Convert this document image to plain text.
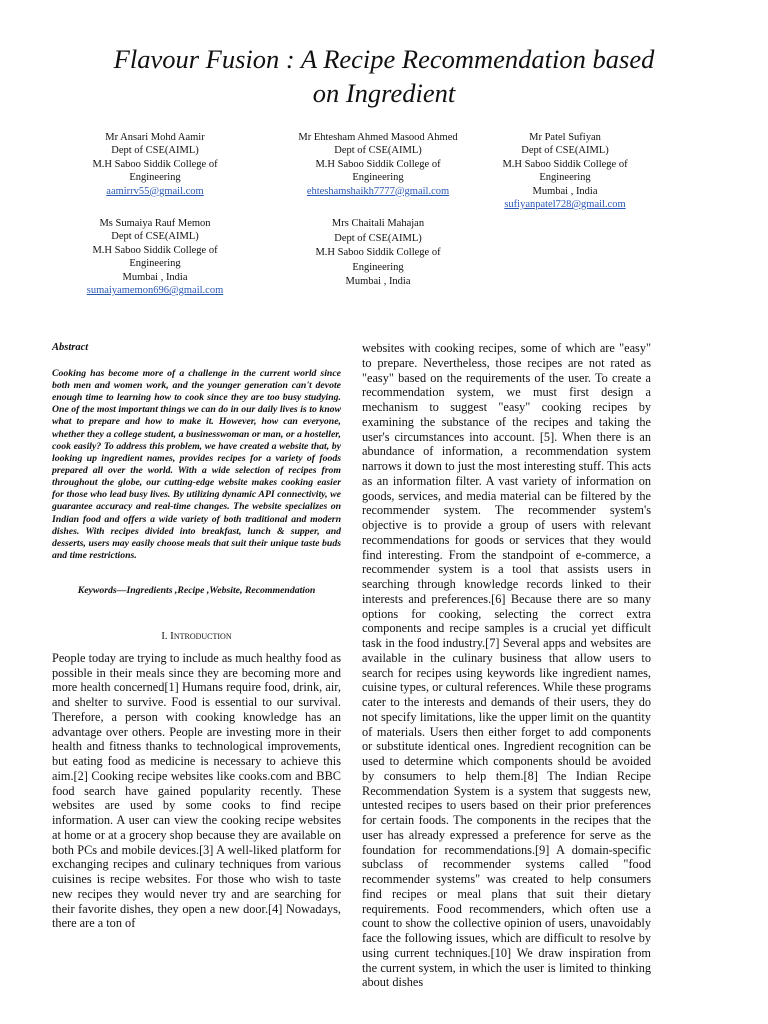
Flavour Fusion : A Recipe Recommendation based
on Ingredient
Mr Ansari Mohd Aamir
Dept of CSE(AIML)
M.H Saboo Siddik College of
Engineering
aamirrv55@gmail.com
Mr Ehtesham Ahmed Masood Ahmed
Dept of CSE(AIML)
M.H Saboo Siddik College of
Engineering
ehteshamshaikh7777@gmail.com
Mr Patel Sufiyan
Dept of CSE(AIML)
M.H Saboo Siddik College of
Engineering
Mumbai , India
sufiyanpatel728@gmail.com
Ms Sumaiya Rauf Memon
Dept of CSE(AIML)
M.H Saboo Siddik College of
Engineering
Mumbai , India
sumaiyamemon696@gmail.com
Mrs Chaitali Mahajan
Dept of CSE(AIML)
M.H Saboo Siddik College of
Engineering
Mumbai , India

Abstract

Cooking has become more of a challenge in the current world since both men and women work, and the younger generation can't devote enough time to learning how to cook since they are too busy studying. One of the most important things we can do in our daily lives is to know what to prepare and how to make it. However, how can everyone, whether they a college student, a businesswoman or man, or a hosteller, cook easily? To address this problem, we have created a website that, by looking up ingredient names, provides recipes for a variety of foods prepared all over the world. With a wide selection of recipes from throughout the globe, our cutting-edge website makes cooking easier for those who lead busy lives. By utilizing dynamic API connectivity, we guarantee accuracy and real-time changes. The website specializes on Indian food and offers a wide variety of both traditional and modern dishes. With recipes divided into breakfast, lunch & supper, and desserts, users may easily choose meals that suit their unique taste buds and time restrictions.

Keywords—Ingredients ,Recipe ,Website, Recommendation

I. Introduction

People today are trying to include as much healthy food as possible in their meals since they are becoming more and more health concerned[1] Humans require food, drink, air, and shelter to survive. Food is essential to our survival. Therefore, a person with cooking knowledge has an advantage over others. People are investing more in their health and fitness thanks to technological improvements, but eating food as medicine is necessary to achieve this aim.[2] Cooking recipe websites like cooks.com and BBC food search have gained popularity recently. These websites are used by some cooks to find recipe information. A user can view the cooking recipe websites at home or at a grocery shop because they are available on both PCs and mobile devices.[3] A well-liked platform for exchanging recipes and culinary techniques from various cuisines is recipe websites. For those who wish to taste new recipes they would never try and are searching for their favorite dishes, they open a new door.[4] Nowadays, there are a ton of

websites with cooking recipes, some of which are "easy" to prepare. Nevertheless, those recipes are not rated as "easy" based on the requirements of the user. To create a recommendation system, we must first design a mechanism to suggest "easy" cooking recipes by examining the substance of the recipes and taking the user's circumstances into account. [5]. When there is an abundance of information, a recommendation system narrows it down to just the most interesting stuff. This acts as an information filter. A vast variety of information on goods, services, and media material can be filtered by the recommender system. The recommender system's objective is to provide a group of users with relevant recommendations for goods or services that they would find interesting. From the standpoint of e-commerce, a recommender system is a tool that assists users in searching through knowledge records linked to their interests and preferences.[6] Because there are so many options for cooking, selecting the correct extra components and recipe samples is a crucial yet difficult task in the food industry.[7] Several apps and websites are available in the culinary business that allow users to search for recipes using keywords like ingredient names, cuisine types, or cultural references. While these programs cater to the interests and demands of their users, they do not specify limitations, like the upper limit on the quantity of materials. Users then either forget to add components or substitute identical ones. Ingredient recognition can be used to determine which components should be avoided by consumers to help them.[8] The Indian Recipe Recommendation System is a system that suggests new, untested recipes to users based on their prior preferences for certain foods. The components in the recipes that the user has already expressed a preference for serve as the foundation for recommendations.[9] A domain-specific subclass of recommender systems called "food recommender systems" was created to help consumers find recipes or meal plans that suit their dietary requirements. Food recommenders, which often use a count to show the collective opinion of users, unavoidably face the following issues, which are difficult to resolve by using current techniques.[10] We draw inspiration from the current system, in which the user is limited to thinking about dishes
